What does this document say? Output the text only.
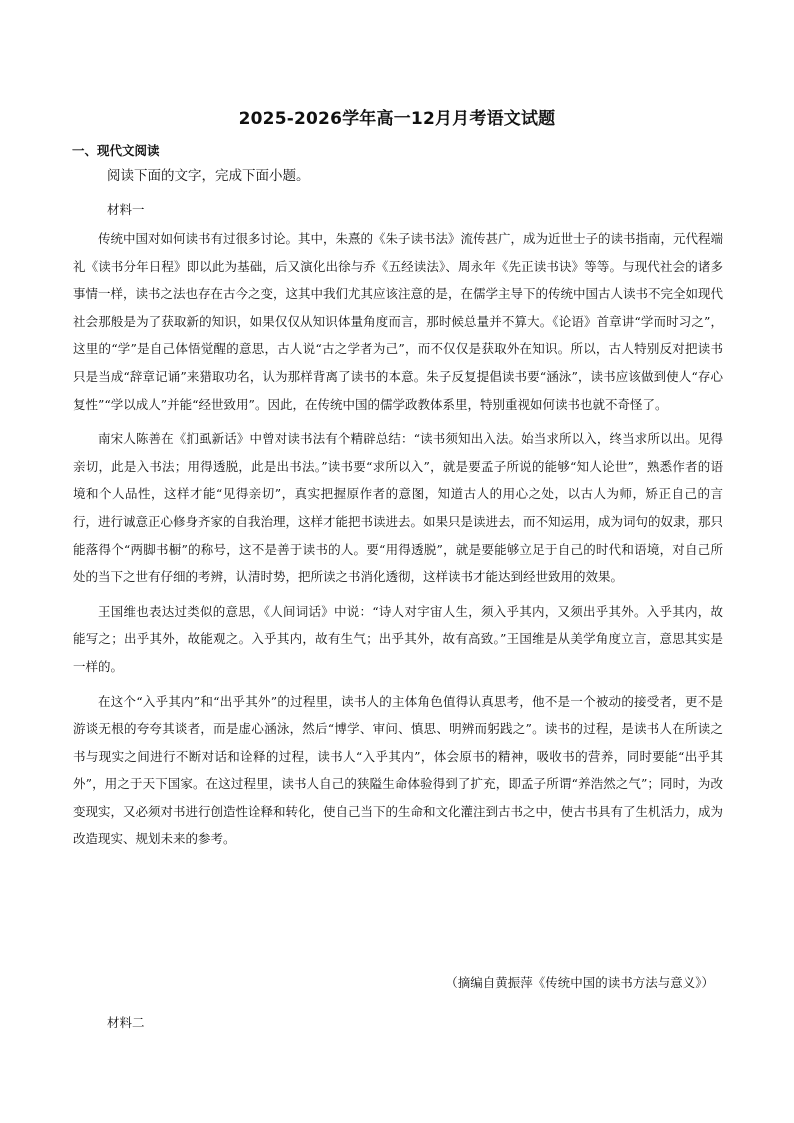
2025-2026学年高一12月月考语文试题
一、现代文阅读
阅读下面的文字，完成下面小题。
材料一

传统中国对如何读书有过很多讨论。其中，朱熹的《朱子读书法》流传甚广，成为近世士子的读书指南，元代程端礼《读书分年日程》即以此为基础，后又演化出徐与乔《五经读法》、周永年《先正读书诀》等等。与现代社会的诸多事情一样，读书之法也存在古今之变，这其中我们尤其应该注意的是，在儒学主导下的传统中国古人读书不完全如现代社会那般是为了获取新的知识，如果仅仅从知识体量角度而言，那时候总量并不算大。《论语》首章讲“学而时习之”，这里的“学”是自己体悟觉醒的意思，古人说“古之学者为己”，而不仅仅是获取外在知识。所以，古人特别反对把读书只是当成“辞章记诵”来猎取功名，认为那样背离了读书的本意。朱子反复提倡读书要“涵泳”，读书应该做到使人“存心复性”“学以成人”并能“经世致用”。因此，在传统中国的儒学政教体系里，特别重视如何读书也就不奇怪了。

南宋人陈善在《扪虱新话》中曾对读书法有个精辟总结：“读书须知出入法。始当求所以入，终当求所以出。见得亲切，此是入书法；用得透脱，此是出书法。”读书要“求所以入”，就是要孟子所说的能够“知人论世”，熟悉作者的语境和个人品性，这样才能“见得亲切”，真实把握原作者的意图，知道古人的用心之处，以古人为师，矫正自己的言行，进行诚意正心修身齐家的自我治理，这样才能把书读进去。如果只是读进去，而不知运用，成为词句的奴隶，那只能落得个“两脚书橱”的称号，这不是善于读书的人。要“用得透脱”，就是要能够立足于自己的时代和语境，对自己所处的当下之世有仔细的考辨，认清时势，把所读之书消化透彻，这样读书才能达到经世致用的效果。

王国维也表达过类似的意思，《人间词话》中说：“诗人对宇宙人生，须入乎其内，又须出乎其外。入乎其内，故能写之；出乎其外，故能观之。入乎其内，故有生气；出乎其外，故有高致。”王国维是从美学角度立言，意思其实是一样的。

在这个“入乎其内”和“出乎其外”的过程里，读书人的主体角色值得认真思考，他不是一个被动的接受者，更不是游谈无根的夸夸其谈者，而是虚心涵泳，然后“博学、审问、慎思、明辨而躬践之”。读书的过程，是读书人在所读之书与现实之间进行不断对话和诠释的过程，读书人“入乎其内”，体会原书的精神，吸收书的营养，同时要能“出乎其外”，用之于天下国家。在这过程里，读书人自己的狭隘生命体验得到了扩充，即孟子所谓“养浩然之气”；同时，为改变现实，又必须对书进行创造性诠释和转化，使自己当下的生命和文化灌注到古书之中，使古书具有了生机活力，成为改造现实、规划未来的参考。

（摘编自黄振萍《传统中国的读书方法与意义》）
材料二
